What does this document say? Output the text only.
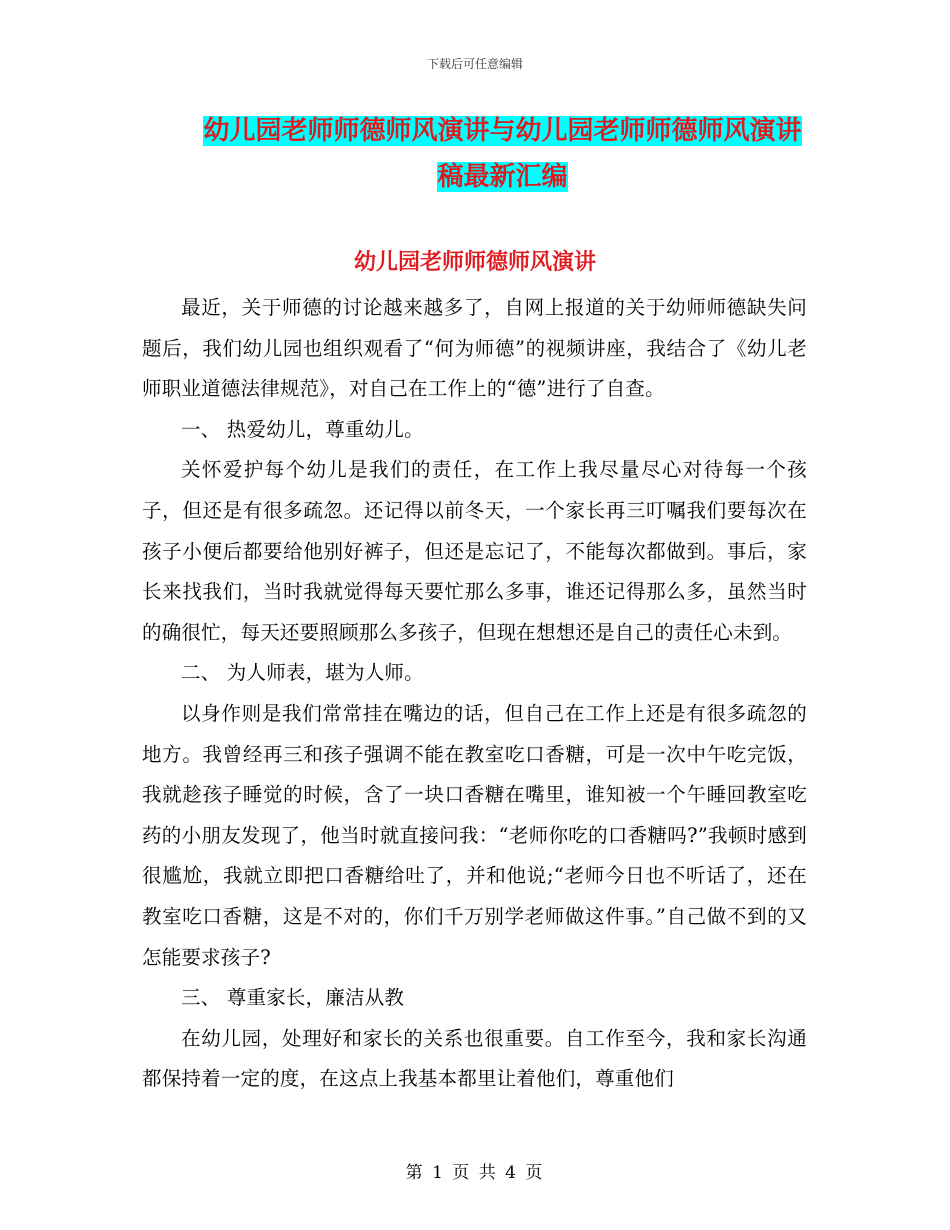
下载后可任意编辑
幼儿园老师师德师风演讲与幼儿园老师师德师风演讲
稿最新汇编
幼儿园老师师德师风演讲

最近，关于师德的讨论越来越多了，自网上报道的关于幼师师德缺失问题后，我们幼儿园也组织观看了“何为师德”的视频讲座，我结合了《幼儿老师职业道德法律规范》，对自己在工作上的“德”进行了自查。

一、 热爱幼儿，尊重幼儿。

关怀爱护每个幼儿是我们的责任，在工作上我尽量尽心对待每一个孩子，但还是有很多疏忽。还记得以前冬天，一个家长再三叮嘱我们要每次在孩子小便后都要给他别好裤子，但还是忘记了，不能每次都做到。事后，家长来找我们，当时我就觉得每天要忙那么多事，谁还记得那么多，虽然当时的确很忙，每天还要照顾那么多孩子，但现在想想还是自己的责任心未到。

二、 为人师表，堪为人师。

以身作则是我们常常挂在嘴边的话，但自己在工作上还是有很多疏忽的地方。我曾经再三和孩子强调不能在教室吃口香糖，可是一次中午吃完饭，我就趁孩子睡觉的时候，含了一块口香糖在嘴里，谁知被一个午睡回教室吃药的小朋友发现了，他当时就直接问我：“老师你吃的口香糖吗?”我顿时感到很尴尬，我就立即把口香糖给吐了，并和他说;“老师今日也不听话了，还在教室吃口香糖，这是不对的，你们千万别学老师做这件事。”自己做不到的又怎能要求孩子?

三、 尊重家长，廉洁从教

在幼儿园，处理好和家长的关系也很重要。自工作至今，我和家长沟通都保持着一定的度，在这点上我基本都里让着他们，尊重他们

第 1 页 共 4 页
